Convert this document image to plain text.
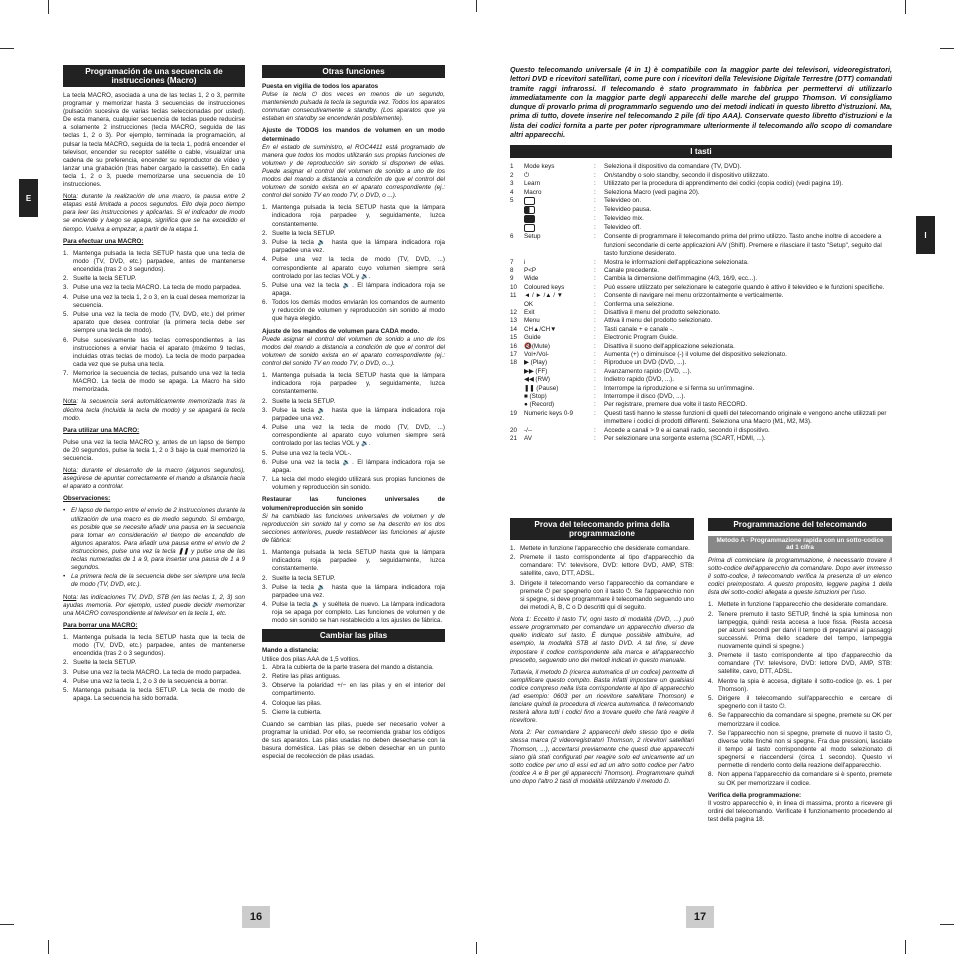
E
I
Programación de una secuencia de instrucciones (Macro)

La tecla MACRO, asociada a una de las teclas 1, 2 o 3, permite programar y memorizar hasta 3 secuencias de instrucciones (pulsación sucesiva de varias teclas seleccionadas por usted). De esta manera, cualquier secuencia de teclas puede reducirse a solamente 2 instrucciones (tecla MACRO, seguida de las teclas 1, 2 o 3). Por ejemplo, terminada la programación, al pulsar la tecla MACRO, seguida de la tecla 1, podrá encender el televisor, encender su receptor satélite o cable, visualizar una cadena de su preferencia, encender su reproductor de vídeo y lanzar una grabación (tras haber cargado la cassette). En cada tecla 1, 2 o 3, puede memorizarse una secuencia de 10 instrucciones.

Nota: durante la realización de una macro, la pausa entre 2 etapas está limitada a pocos segundos. Ello deja poco tiempo para leer las instrucciones y aplicarlas. Si el indicador de modo se enciende y luego se apaga, significa que se ha excedido el tiempo. Vuelva a empezar, a partir de la etapa 1.

Para efectuar una MACRO:

1. Mantenga pulsada la tecla SETUP hasta que una tecla de modo (TV, DVD, etc.) parpadee, antes de mantenerse encendida (tras 2 o 3 segundos).
2. Suelte la tecla SETUP.
3. Pulse una vez la tecla MACRO. La tecla de modo parpadea.
4. Pulse una vez la tecla 1, 2 o 3, en la cual desea memorizar la secuencia.
5. Pulse una vez la tecla de modo (TV, DVD, etc.) del primer aparato que desea controlar (la primera tecla debe ser siempre una tecla de modo).
6. Pulse sucesivamente las teclas correspondientes a las instrucciones a enviar hacia el aparato (máximo 9 teclas, incluidas otras teclas de modo). La tecla de modo parpadea cada vez que se pulsa una tecla.
7. Memorice la secuencia de teclas, pulsando una vez la tecla MACRO. La tecla de modo se apaga. La Macro ha sido memorizada.

Nota: la secuencia será automáticamente memorizada tras la décima tecla (incluida la tecla de modo) y se apagará la tecla modo.

Para utilizar una MACRO:

Pulse una vez la tecla MACRO y, antes de un lapso de tiempo de 20 segundos, pulse la tecla 1, 2 o 3 bajo la cual memorizó la secuencia.

Nota: durante el desarrollo de la macro (algunos segundos), asegúrese de apuntar correctamente el mando a distancia hacia el aparato a controlar.

Observaciones:

• El lapso de tiempo entre el envío de 2 instrucciones durante la utilización de una macro es de medio segundo. Si embargo, es posible que se necesite añadir una pausa en la secuencia para tomar en consideración el tiempo de encendido de algunos aparatos. Para añadir una pausa entre el envío de 2 instrucciones, pulse una vez la tecla ❚❚ y pulse una de las teclas numeradas de 1 a 9, para insertar una pausa de 1 a 9 segundos.
• La primera tecla de la secuencia debe ser siempre una tecla de modo (TV, DVD, etc.).

Nota: las indicaciones TV, DVD, STB (en las teclas 1, 2, 3) son ayudas memoria. Por ejemplo, usted puede decidir memorizar una MACRO correspondiente al televisor en la tecla 1, etc.

Para borrar una MACRO:

1. Mantenga pulsada la tecla SETUP hasta que la tecla de modo (TV, DVD, etc.) parpadee, antes de mantenerse encendida (tras 2 o 3 segundos).
2. Suelte la tecla SETUP.
3. Pulse una vez la tecla MACRO. La tecla de modo parpadea.
4. Pulse una vez la tecla 1, 2 o 3 de la secuencia a borrar.
5. Mantenga pulsada la tecla SETUP. La tecla de modo de apaga. La secuencia ha sido borrada.
Otras funciones

Puesta en vigilia de todos los aparatos

Pulse la tecla ⏻ dos veces en menos de un segundo, manteniendo pulsada la tecla la segunda vez. Todos los aparatos conmutan consecutivamente a standby. (Los aparatos que ya estaban en standby se encenderán posiblemente).

Ajuste de TODOS los mandos de volumen en un modo determinado

En el estado de suministro, el ROC4411 está programado de manera que todos los modos utilizarán sus propias funciones de volumen y de reproducción sin sonido si disponen de ellas. Puede asignar el control del volumen de sonido a uno de los modos del mando a distancia a condición de que el control del volumen de sonido exista en el aparato correspondiente (ej.: control del sonido TV en modo TV, o DVD, o ...).

1. Mantenga pulsada la tecla SETUP hasta que la lámpara indicadora roja parpadee y, seguidamente, luzca constantemente.
2. Suelte la tecla SETUP.
3. Pulse la tecla 🔉 hasta que la lámpara indicadora roja parpadee una vez.
4. Pulse una vez la tecla de modo (TV, DVD, ...) correspondiente al aparato cuyo volumen siempre será controlado por las teclas VOL y 🔉.
5. Pulse una vez la tecla 🔉. El lámpara indicadora roja se apaga.
6. Todos los demás modos enviarán los comandos de aumento y reducción de volumen y reproducción sin sonido al modo que haya elegido.

Ajuste de los mandos de volumen para CADA modo.

Puede asignar el control del volumen de sonido a uno de los modos del mando a distancia a condición de que el control del volumen de sonido exista en el aparato correspondiente (ej.: control del sonido TV en modo TV, o DVD, o...).

1. Mantenga pulsada la tecla SETUP hasta que la lámpara indicadora roja parpadee y, seguidamente, luzca constantemente.
2. Suelte la tecla SETUP.
3. Pulse la tecla 🔉 hasta que la lámpara indicadora roja parpadee una vez.
4. Pulse una vez la tecla de modo (TV, DVD, ...) correspondiente al aparato cuyo volumen siempre será controlado por las teclas VOL y 🔉.
5. Pulse una vez la tecla VOL-.
6. Pulse una vez la tecla 🔉. El lámpara indicadora roja se apaga.
7. La tecla del modo elegido utilizará sus propias funciones de volumen y reproducción sin sonido.

Restaurar las funciones universales de volumen/reproducción sin sonido

Si ha cambiado las funciones universales de volumen y de reproducción sin sonido tal y como se ha descrito en los dos secciones anteriores, puede restablecer las funciones al ajuste de fábrica:

1. Mantenga pulsada la tecla SETUP hasta que la lámpara indicadora roja parpadee y, seguidamente, luzca constantemente.
2. Suelte la tecla SETUP.
3. Pulse la tecla 🔉 hasta que la lámpara indicadora roja parpadee una vez.
4. Pulse la tecla 🔉 y suéltela de nuevo. La lámpara indicadora roja se apaga por completo. Las funciones de volumen y de modo sin sonido se han restablecido a los ajustes de fábrica.
Cambiar las pilas

Mando a distancia:

Utilice dos pilas AAA de 1,5 voltios.

1. Abra la cubierta de la parte trasera del mando a distancia.
2. Retire las pilas antiguas.
3. Observe la polaridad +/− en las pilas y en el interior del compartimento.
4. Coloque las pilas.
5. Cierre la cubierta.

Cuando se cambian las pilas, puede ser necesario volver a programar la unidad. Por ello, se recomienda grabar los códigos de sus aparatos. Las pilas usadas no deben desecharse con la basura doméstica. Las pilas se deben desechar en un punto especial de recolección de pilas usadas.

Questo telecomando universale (4 in 1) è compatibile con la maggior parte dei televisori, videoregistratori, lettori DVD e ricevitori satellitari, come pure con i ricevitori della Televisione Digitale Terrestre (DTT) comandati tramite raggi infrarossi. Il telecomando è stato programmato in fabbrica per permettervi di utilizzarlo immediatamente con la maggior parte degli apparecchi delle marche del gruppo Thomson. Vi consigliamo dunque di provarlo prima di programmarlo seguendo uno dei metodi indicati in questo libretto d'istruzioni. Ma, prima di tutto, dovete inserire nel telecomando 2 pile (di tipo AAA). Conservate questo libretto d'istruzioni e la lista dei codici fornita a parte per poter riprogrammare ulteriormente il telecomando allo scopo di comandare altri apparecchi.

I tasti
1	Mode keys	:	Seleziona il dispositivo da comandare (TV, DVD).
2	⏻	:	On/standby o solo standby, secondo il dispositivo utilizzato.
3	Learn	:	Utilizzato per la procedura di apprendimento dei codici (copia codici) (vedi pagina 19).
4	Macro	:	Seleziona Macro (vedi pagina 20).
5	:	Televideo on.
:	Televideo pausa.
:	Televideo mix.
:	Televideo off.
6	Setup	:	Consente di programmare il telecomando prima del primo utilizzo. Tasto anche inoltre di accedere a funzioni secondarie di certe applicazioni A/V (Shift). Premere e rilasciare il tasto "Setup", seguito dal tasto funzione desiderato.
7	i	:	Mostra le informazioni dell'applicazione selezionata.
8	P<P	:	Canale precedente.
9	Wide	:	Cambia la dimensione dell'immagine (4/3, 16/9, ecc...).
10	Coloured keys	:	Può essere utilizzato per selezionare le categorie quando è attivo il televideo e le funzioni specifiche.
11	◄ / ► /▲ / ▼	:	Consente di navigare nei menu orizzontalmente e verticalmente.
OK	:	Conferma una selezione.
12	Exit	:	Disattiva il menu del prodotto selezionato.
13	Menu	:	Attiva il menu del prodotto selezionato.
14	CH▲/CH▼	:	Tasti canale + e canale -.
15	Guide	:	Electronic Program Guide.
16	🔇(Mute)	:	Disattiva il suono dell'applicazione selezionata.
17	Vol+/Vol-	:	Aumenta (+) o diminuisce (-) il volume del dispositivo selezionato.
18	▶ (Play)	:	Riproduce un DVD (DVD, ...).
▶▶ (FF)	:	Avanzamento rapido (DVD, ...).
◀◀ (RW)	:	Indietro rapido (DVD, ...).
❚❚ (Pause)	:	Interrompe la riproduzione e si ferma su un'immagine.
■ (Stop)	:	Interrompe il disco (DVD, ...).
● (Record)	:	Per registrare, premere due volte il tasto RECORD.
19	Numeric keys 0-9	:	Questi tasti hanno le stesse funzioni di quelli del telecomando originale e vengono anche utilizzati per immettere i codici di prodotti differenti. Seleziona una Macro (M1, M2, M3).
20	-/--	:	Accede a canali > 9 e ai canali radio, secondo il dispositivo.
21	AV	:	Per selezionare una sorgente esterna (SCART, HDMI, ...).
Prova del telecomando prima della programmazione
1. Mettete in funzione l'apparecchio che desiderate comandare.
2. Premete il tasto corrispondente al tipo d'apparecchio da comandare: TV: televisore, DVD: lettore DVD, AMP, STB: satellite, cavo, DTT, ADSL.
3. Dirigete il telecomando verso l'apparecchio da comandare e premete ⏻ per spegnerlo con il tasto ⏻. Se l'apparecchio non si spegne, si deve programmare il telecomando seguendo uno dei metodi A, B, C o D descritti qui di seguito.

Nota 1: Eccetto il tasto TV, ogni tasto di modalità (DVD, ...) può essere programmato per comandare un apparecchio diverso da quello indicato sul tasto. È dunque possibile attribuire, ad esempio, la modalità STB al tasto DVD. A tal fine, si deve impostare il codice corrispondente alla marca e all'apparecchio prescelto, seguendo uno dei metodi indicati in questo manuale.

Tuttavia, il metodo D (ricerca automatica di un codice) permette di semplificare questo compito. Basta infatti impostare un qualsiasi codice compreso nella lista corrispondente al tipo di apparecchio (ad esempio: 0603 per un ricevitore satellitare Thomson) e lanciare quindi la procedura di ricerca automatica. Il telecomando testerà allora tutti i codici fino a trovare quello che farà reagire il ricevitore.

Nota 2: Per comandare 2 apparecchi dello stesso tipo e della stessa marca (2 videoregistratori Thomson, 2 ricevitori satellitari Thomson, ...), accertarsi previamente che questi due apparecchi siano già stati configurati per reagire solo ed unicamente ad un sotto codice per uno di essi ed ad un altro sotto codice per l'altro (codice A e B per gli apparecchi Thomson). Programmare quindi uno dopo l'altro 2 tasti di modalità utilizzando il metodo D.

Programmazione del telecomando
Metodo A - Programmazione rapida con un sotto-codice ad 1 cifra

Prima di cominciare la programmazione, è necessario trovare il sotto-codice dell'apparecchio da comandare. Dopo aver immesso il sotto-codice, il telecomando verifica la presenza di un elenco codici preimpostato. A questo proposito, leggere pagina 1 della lista dei sotto-codici allegata a queste istruzioni per l'uso.

1. Mettete in funzione l'apparecchio che desiderate comandare.
2. Tenere premuto il tasto SETUP, finché la spia luminosa non lampeggia, quindi resta accesa a luce fissa. (Resta accesa per alcuni secondi per darvi il tempo di prepararvi ai passaggi successivi. Prima dello scadere del tempo, lampeggia nuovamente quindi si spegne.)
3. Premete il tasto corrispondente al tipo d'apparecchio da comandare (TV: televisore, DVD: lettore DVD, AMP, STB: satellite, cavo, DTT, ADSL.
4. Mentre la spia è accesa, digitate il sotto-codice (p. es. 1 per Thomson).
5. Dirigere il telecomando sull'apparecchio e cercare di spegnerlo con il tasto ⏻.
6. Se l'apparecchio da comandare si spegne, premete su OK per memorizzare il codice.
7. Se l'apparecchio non si spegne, premete di nuovo il tasto ⏻, diverse volte finché non si spegne. Fra due pressioni, lasciate il tempo al tasto corrispondente al modo selezionato di spegnersi e riaccendersi (circa 1 secondo). Questo vi permette di renderlo conto della reazione dell'apparecchio.
8. Non appena l'apparecchio da comandare si è spento, premete su OK per memorizzare il codice.

Verifica della programmazione:

Il vostro apparecchio è, in linea di massima, pronto a ricevere gli ordini del telecomando. Verificate il funzionamento procedendo al test della pagina 18.

16	17
